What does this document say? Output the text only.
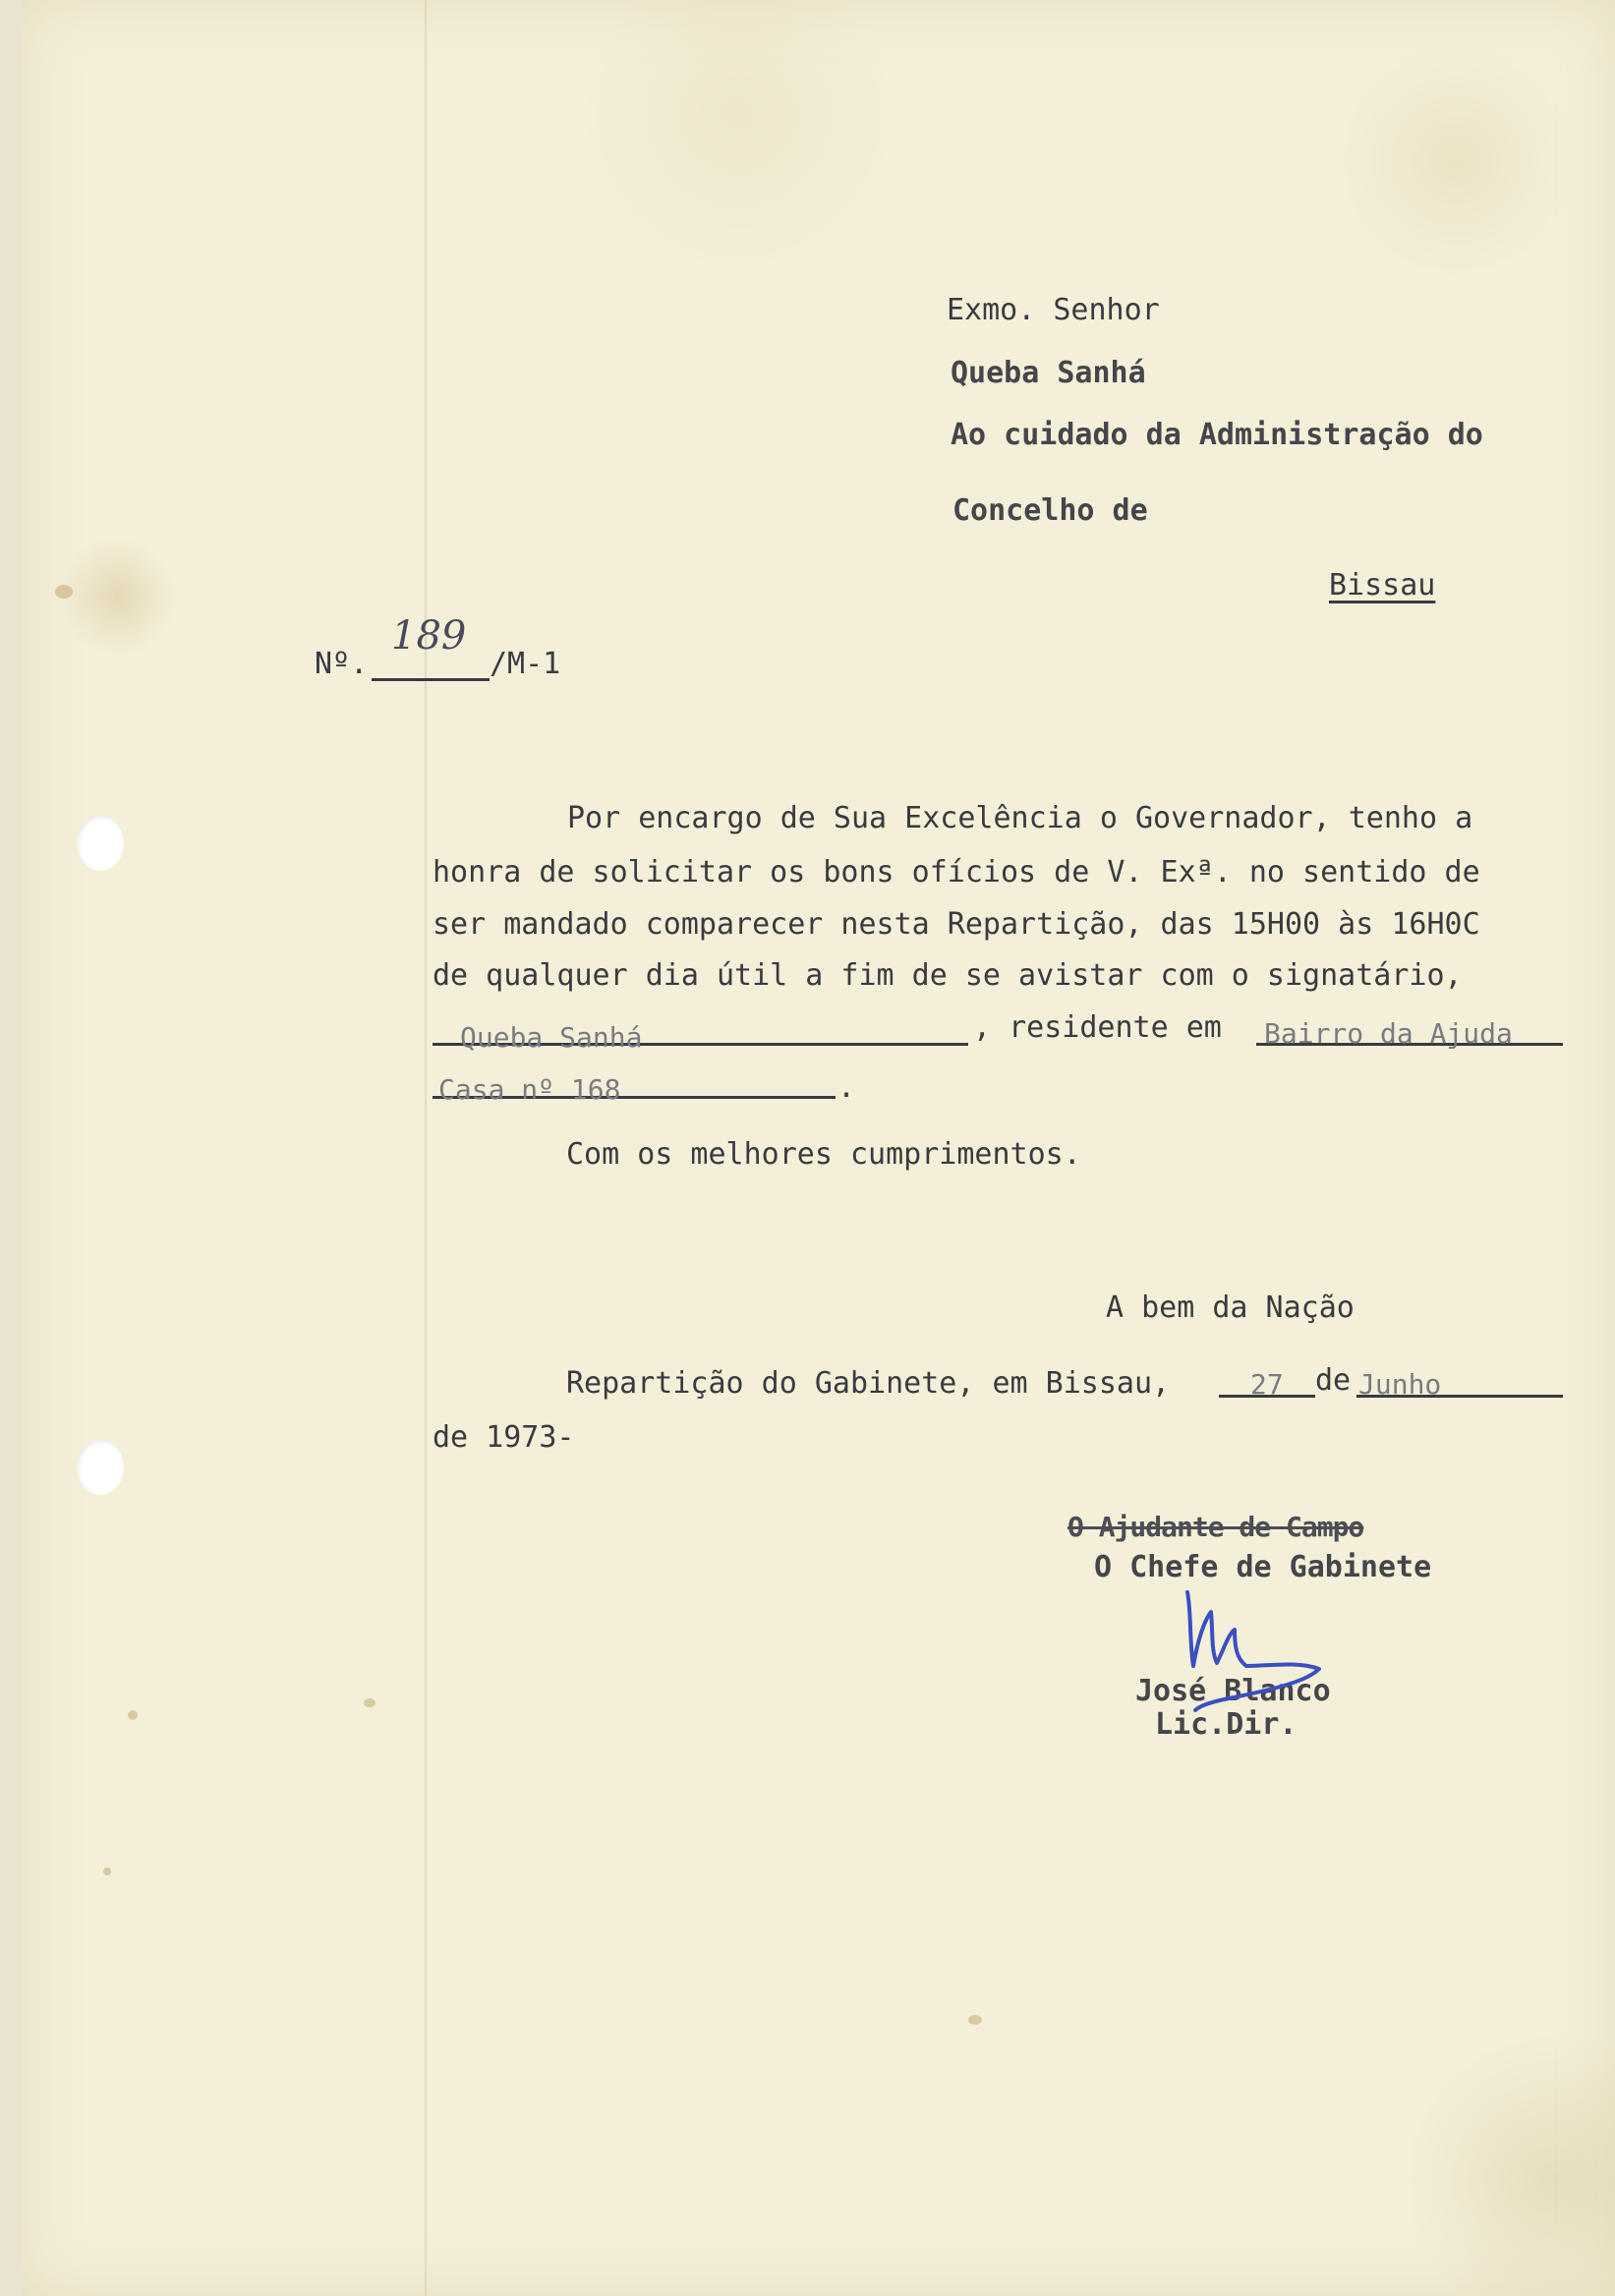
Exmo. Senhor

Queba Sanhá

Ao cuidado da Administração do

Concelho de

Bissau

Nº.

189

/M-1

Por encargo de Sua Excelência o Governador, tenho a

honra de solicitar os bons ofícios de V. Exª. no sentido de

ser mandado comparecer nesta Repartição, das 15H00 às 16H0C

de qualquer dia útil a fim de se avistar com o signatário,

Queba Sanhá	, residente em Bairro da Ajuda
Casa nº 168	.

Com os melhores cumprimentos.

A bem da Nação

Repartição do Gabinete, em Bissau,	27 de Junho

de 1973-

O Ajudante de Campo

O Chefe de Gabinete

José Blanco

Lic.Dir.
